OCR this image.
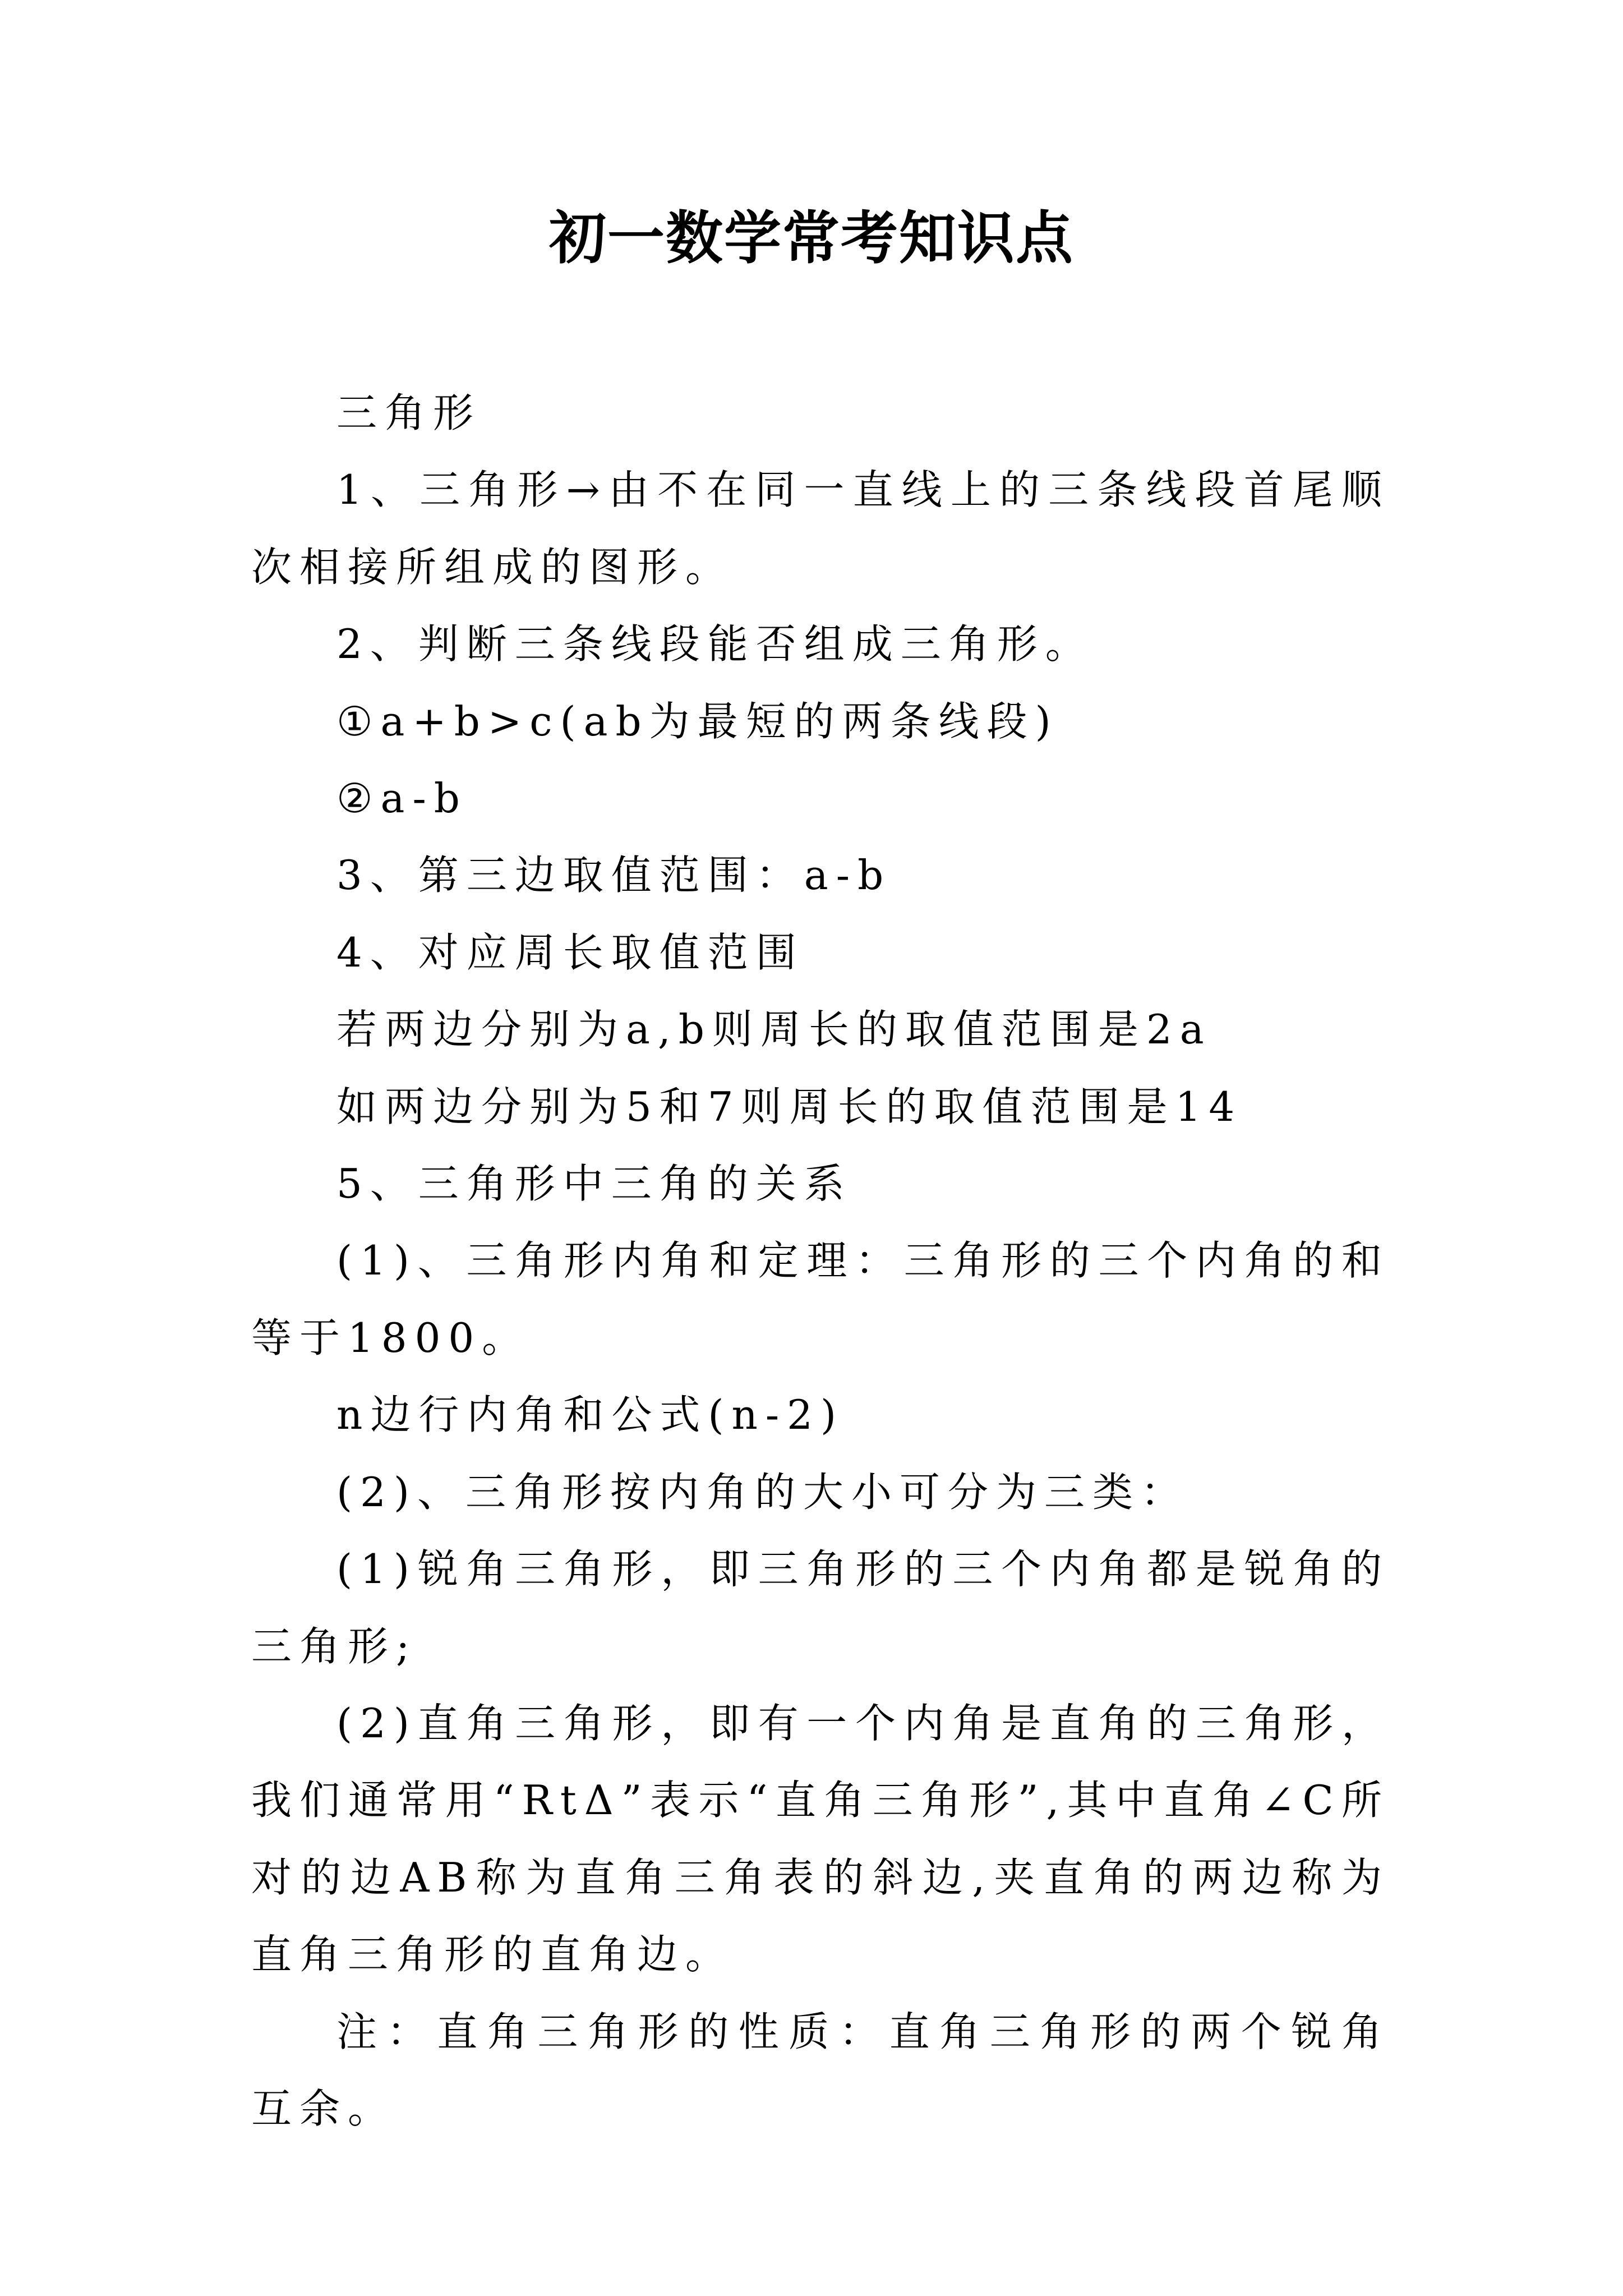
初一数学常考知识点

三角形

1、三角形→由不在同一直线上的三条线段首尾顺次相接所组成的图形。

2、判断三条线段能否组成三角形。

①a+b>c(ab为最短的两条线段)

②a-b

3、第三边取值范围：a-b

4、对应周长取值范围

若两边分别为a,b则周长的取值范围是2a

如两边分别为5和7则周长的取值范围是14

5、三角形中三角的关系

(1)、三角形内角和定理：三角形的三个内角的和等于1800。

n边行内角和公式(n-2)

(2)、三角形按内角的大小可分为三类：

(1)锐角三角形，即三角形的三个内角都是锐角的三角形;

(2)直角三角形，即有一个内角是直角的三角形，我们通常用“RtΔ”表示“直角三角形”,其中直角∠C所对的边AB称为直角三角表的斜边,夹直角的两边称为直角三角形的直角边。

注：直角三角形的性质：直角三角形的两个锐角互余。
